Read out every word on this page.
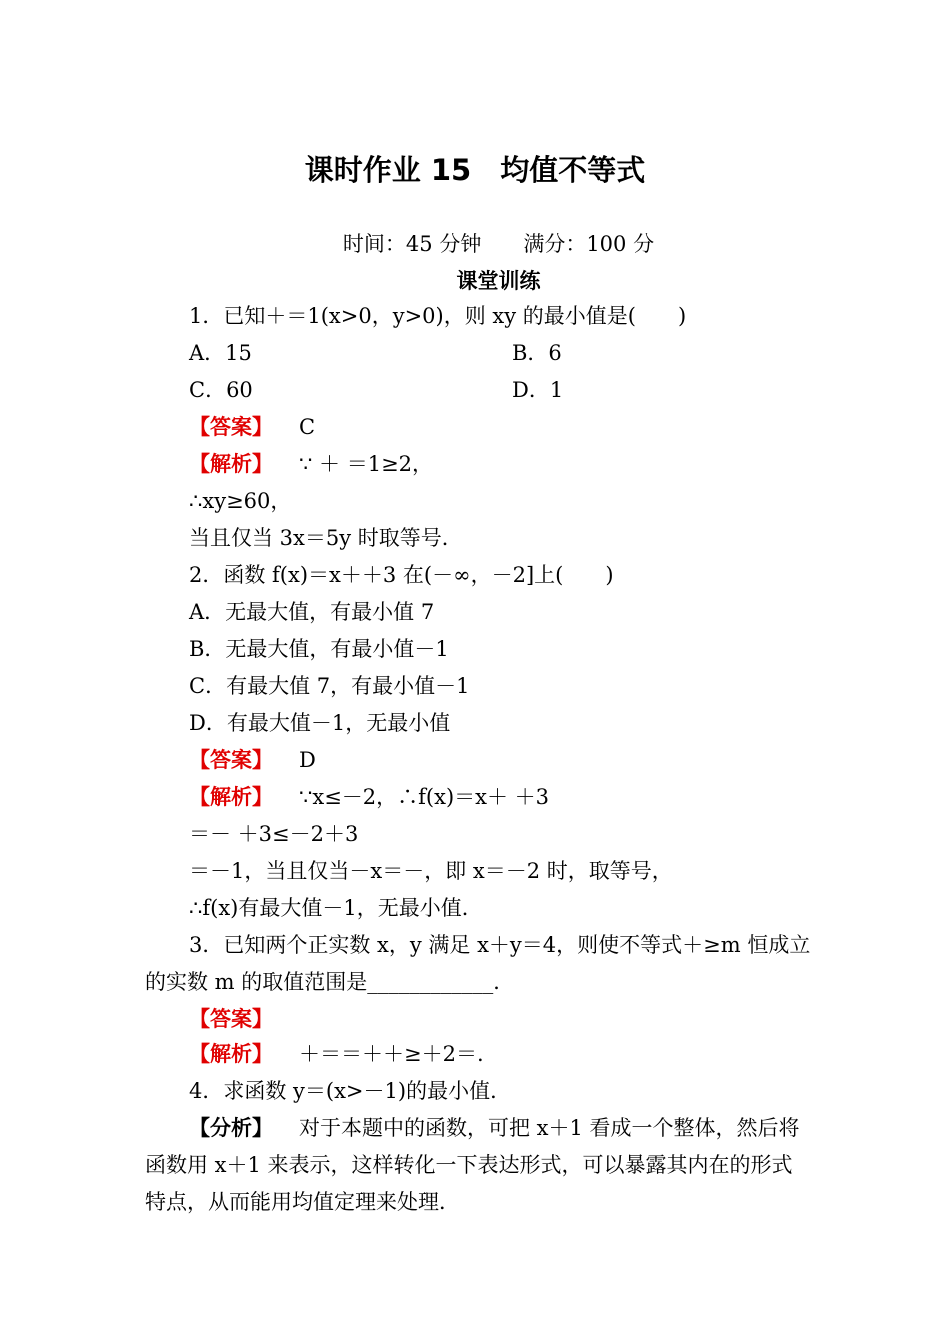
课时作业 15　均值不等式
时间：45 分钟　　满分：100 分
课堂训练
1．已知＋＝1(x>0，y>0)，则 xy 的最小值是(　　)
A．15	B．6
C．60	D．1
【答案】 C
【解析】 ∵ ＋ ＝1≥2，
∴xy≥60，
当且仅当 3x＝5y 时取等号．
2．函数 f(x)＝x＋＋3 在(－∞，－2]上(　　)
A．无最大值，有最小值 7
B．无最大值，有最小值－1
C．有最大值 7，有最小值－1
D．有最大值－1，无最小值
【答案】 D
【解析】 ∵x≤－2，∴f(x)＝x＋ ＋3
＝－ ＋3≤－2＋3
＝－1，当且仅当－x＝－，即 x＝－2 时，取等号，
∴f(x)有最大值－1，无最小值．
3．已知两个正实数 x，y 满足 x＋y＝4，则使不等式＋≥m 恒成立
的实数 m 的取值范围是____________．
【答案】
【解析】 ＋＝＝＋＋≥＋2＝.
4．求函数 y＝(x>－1)的最小值．
【分析】 对于本题中的函数，可把 x＋1 看成一个整体，然后将
函数用 x＋1 来表示，这样转化一下表达形式，可以暴露其内在的形式
特点，从而能用均值定理来处理．
